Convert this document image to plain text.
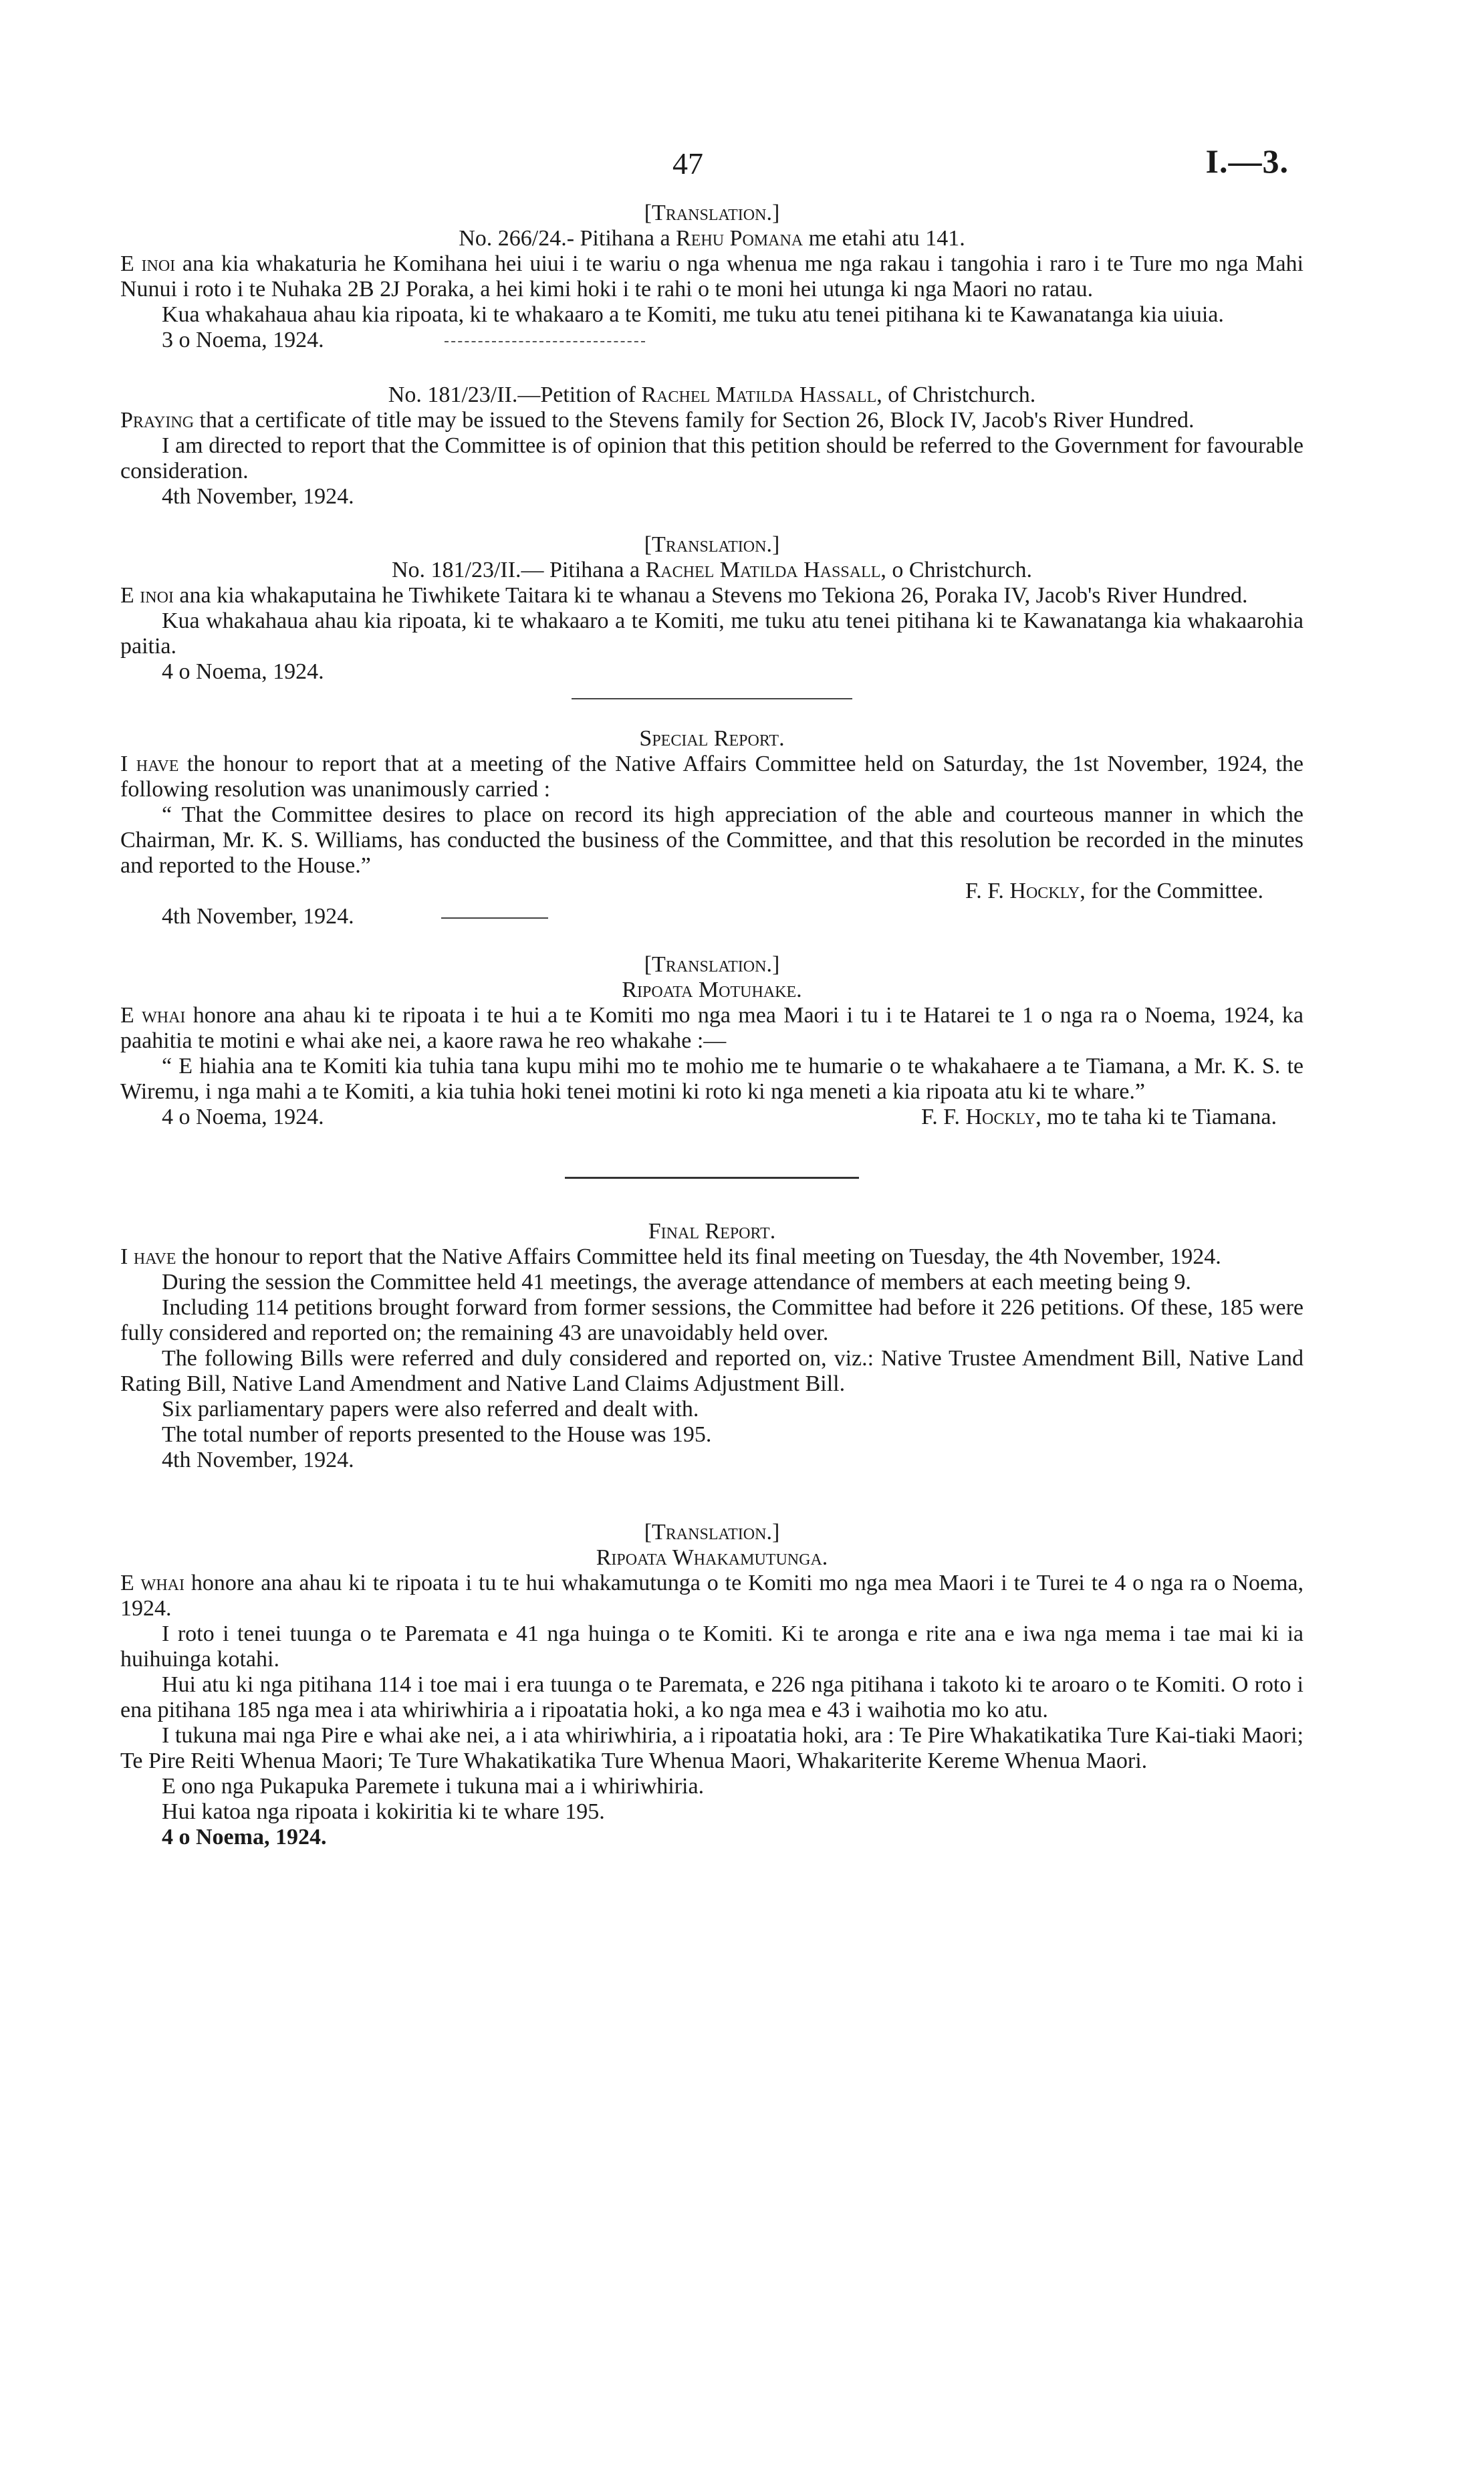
47	I.—3.

[Translation.]

No. 266/24.- Pitihana a Rehu Pomana me etahi atu 141.

E inoi ana kia whakaturia he Komihana hei uiui i te wariu o nga whenua me nga rakau i tangohia i raro i te Ture mo nga Mahi Nunui i roto i te Nuhaka 2B 2J Poraka, a hei kimi hoki i te rahi o te moni hei utunga ki nga Maori no ratau.

Kua whakahaua ahau kia ripoata, ki te whakaaro a te Komiti, me tuku atu tenei pitihana ki te Kawanatanga kia uiuia.

3 o Noema, 1924.

No. 181/23/II.—Petition of Rachel Matilda Hassall, of Christchurch.

Praying that a certificate of title may be issued to the Stevens family for Section 26, Block IV, Jacob's River Hundred.

I am directed to report that the Committee is of opinion that this petition should be referred to the Government for favourable consideration.

4th November, 1924.

[Translation.]

No. 181/23/II.— Pitihana a Rachel Matilda Hassall, o Christchurch.

E inoi ana kia whakaputaina he Tiwhikete Taitara ki te whanau a Stevens mo Tekiona 26, Poraka IV, Jacob's River Hundred.

Kua whakahaua ahau kia ripoata, ki te whakaaro a te Komiti, me tuku atu tenei pitihana ki te Kawanatanga kia whakaarohia paitia.

4 o Noema, 1924.

Special Report.

I have the honour to report that at a meeting of the Native Affairs Committee held on Saturday, the 1st November, 1924, the following resolution was unanimously carried :

“ That the Committee desires to place on record its high appreciation of the able and courteous manner in which the Chairman, Mr. K. S. Williams, has conducted the business of the Committee, and that this resolution be recorded in the minutes and reported to the House.”

F. F. Hockly, for the Committee.

4th November, 1924.

[Translation.]

Ripoata Motuhake.

E whai honore ana ahau ki te ripoata i te hui a te Komiti mo nga mea Maori i tu i te Hatarei te 1 o nga ra o Noema, 1924, ka paahitia te motini e whai ake nei, a kaore rawa he reo whakahe :—

“ E hiahia ana te Komiti kia tuhia tana kupu mihi mo te mohio me te humarie o te whakahaere a te Tiamana, a Mr. K. S. te Wiremu, i nga mahi a te Komiti, a kia tuhia hoki tenei motini ki roto ki nga meneti a kia ripoata atu ki te whare.”

4 o Noema, 1924.	F. F. Hockly, mo te taha ki te Tiamana.

Final Report.

I have the honour to report that the Native Affairs Committee held its final meeting on Tuesday, the 4th November, 1924.

During the session the Committee held 41 meetings, the average attendance of members at each meeting being 9.

Including 114 petitions brought forward from former sessions, the Committee had before it 226 petitions. Of these, 185 were fully considered and reported on; the remaining 43 are unavoidably held over.

The following Bills were referred and duly considered and reported on, viz.: Native Trustee Amendment Bill, Native Land Rating Bill, Native Land Amendment and Native Land Claims Adjustment Bill.

Six parliamentary papers were also referred and dealt with.

The total number of reports presented to the House was 195.

4th November, 1924.

[Translation.]

Ripoata Whakamutunga.

E whai honore ana ahau ki te ripoata i tu te hui whakamutunga o te Komiti mo nga mea Maori i te Turei te 4 o nga ra o Noema, 1924.

I roto i tenei tuunga o te Paremata e 41 nga huinga o te Komiti. Ki te aronga e rite ana e iwa nga mema i tae mai ki ia huihuinga kotahi.

Hui atu ki nga pitihana 114 i toe mai i era tuunga o te Paremata, e 226 nga pitihana i takoto ki te aroaro o te Komiti. O roto i ena pitihana 185 nga mea i ata whiriwhiria a i ripoatatia hoki, a ko nga mea e 43 i waihotia mo ko atu.

I tukuna mai nga Pire e whai ake nei, a i ata whiriwhiria, a i ripoatatia hoki, ara : Te Pire Whakatikatika Ture Kai-tiaki Maori; Te Pire Reiti Whenua Maori; Te Ture Whakatikatika Ture Whenua Maori, Whakariterite Kereme Whenua Maori.

E ono nga Pukapuka Paremete i tukuna mai a i whiriwhiria.

Hui katoa nga ripoata i kokiritia ki te whare 195.

4 o Noema, 1924.
